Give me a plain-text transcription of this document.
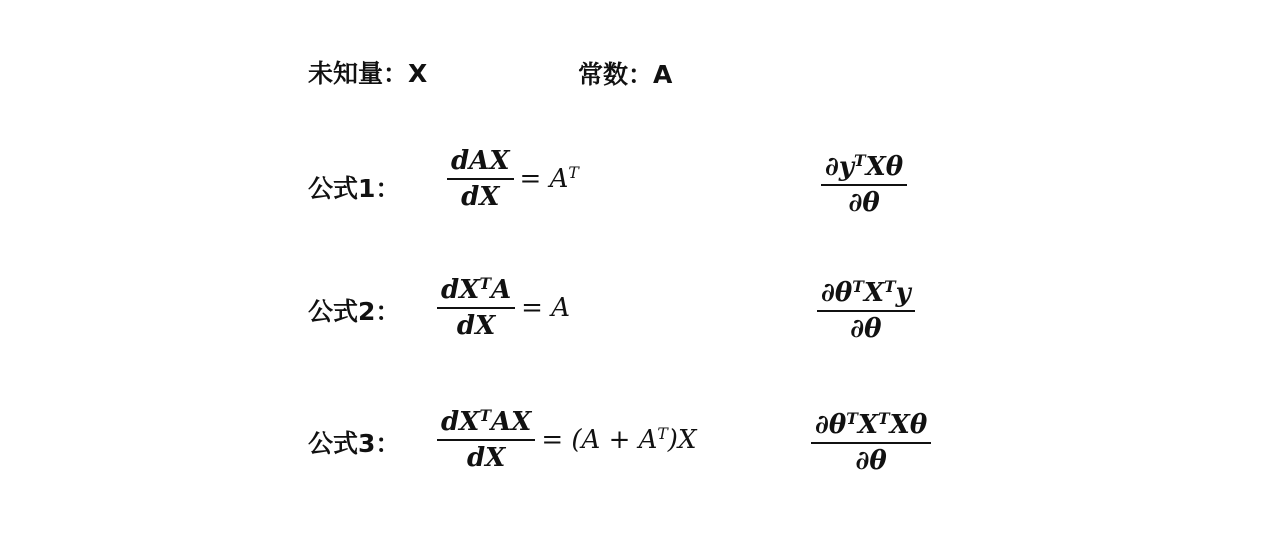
未知量：X	常数：A
公式1： $\frac{\text{dAX}}{dX} = A^T$	$\frac{\partial y^TX\theta}{\partial\theta}$
公式2： $\frac{dX^TA}{dX} = A$	$\frac{\partial\theta^TX^Ty}{\partial\theta}$
公式3： $\frac{dX^TAX}{dX} = (A + A^T)X$	$\frac{\partial\theta^TX^TX\theta}{\partial\theta}$
